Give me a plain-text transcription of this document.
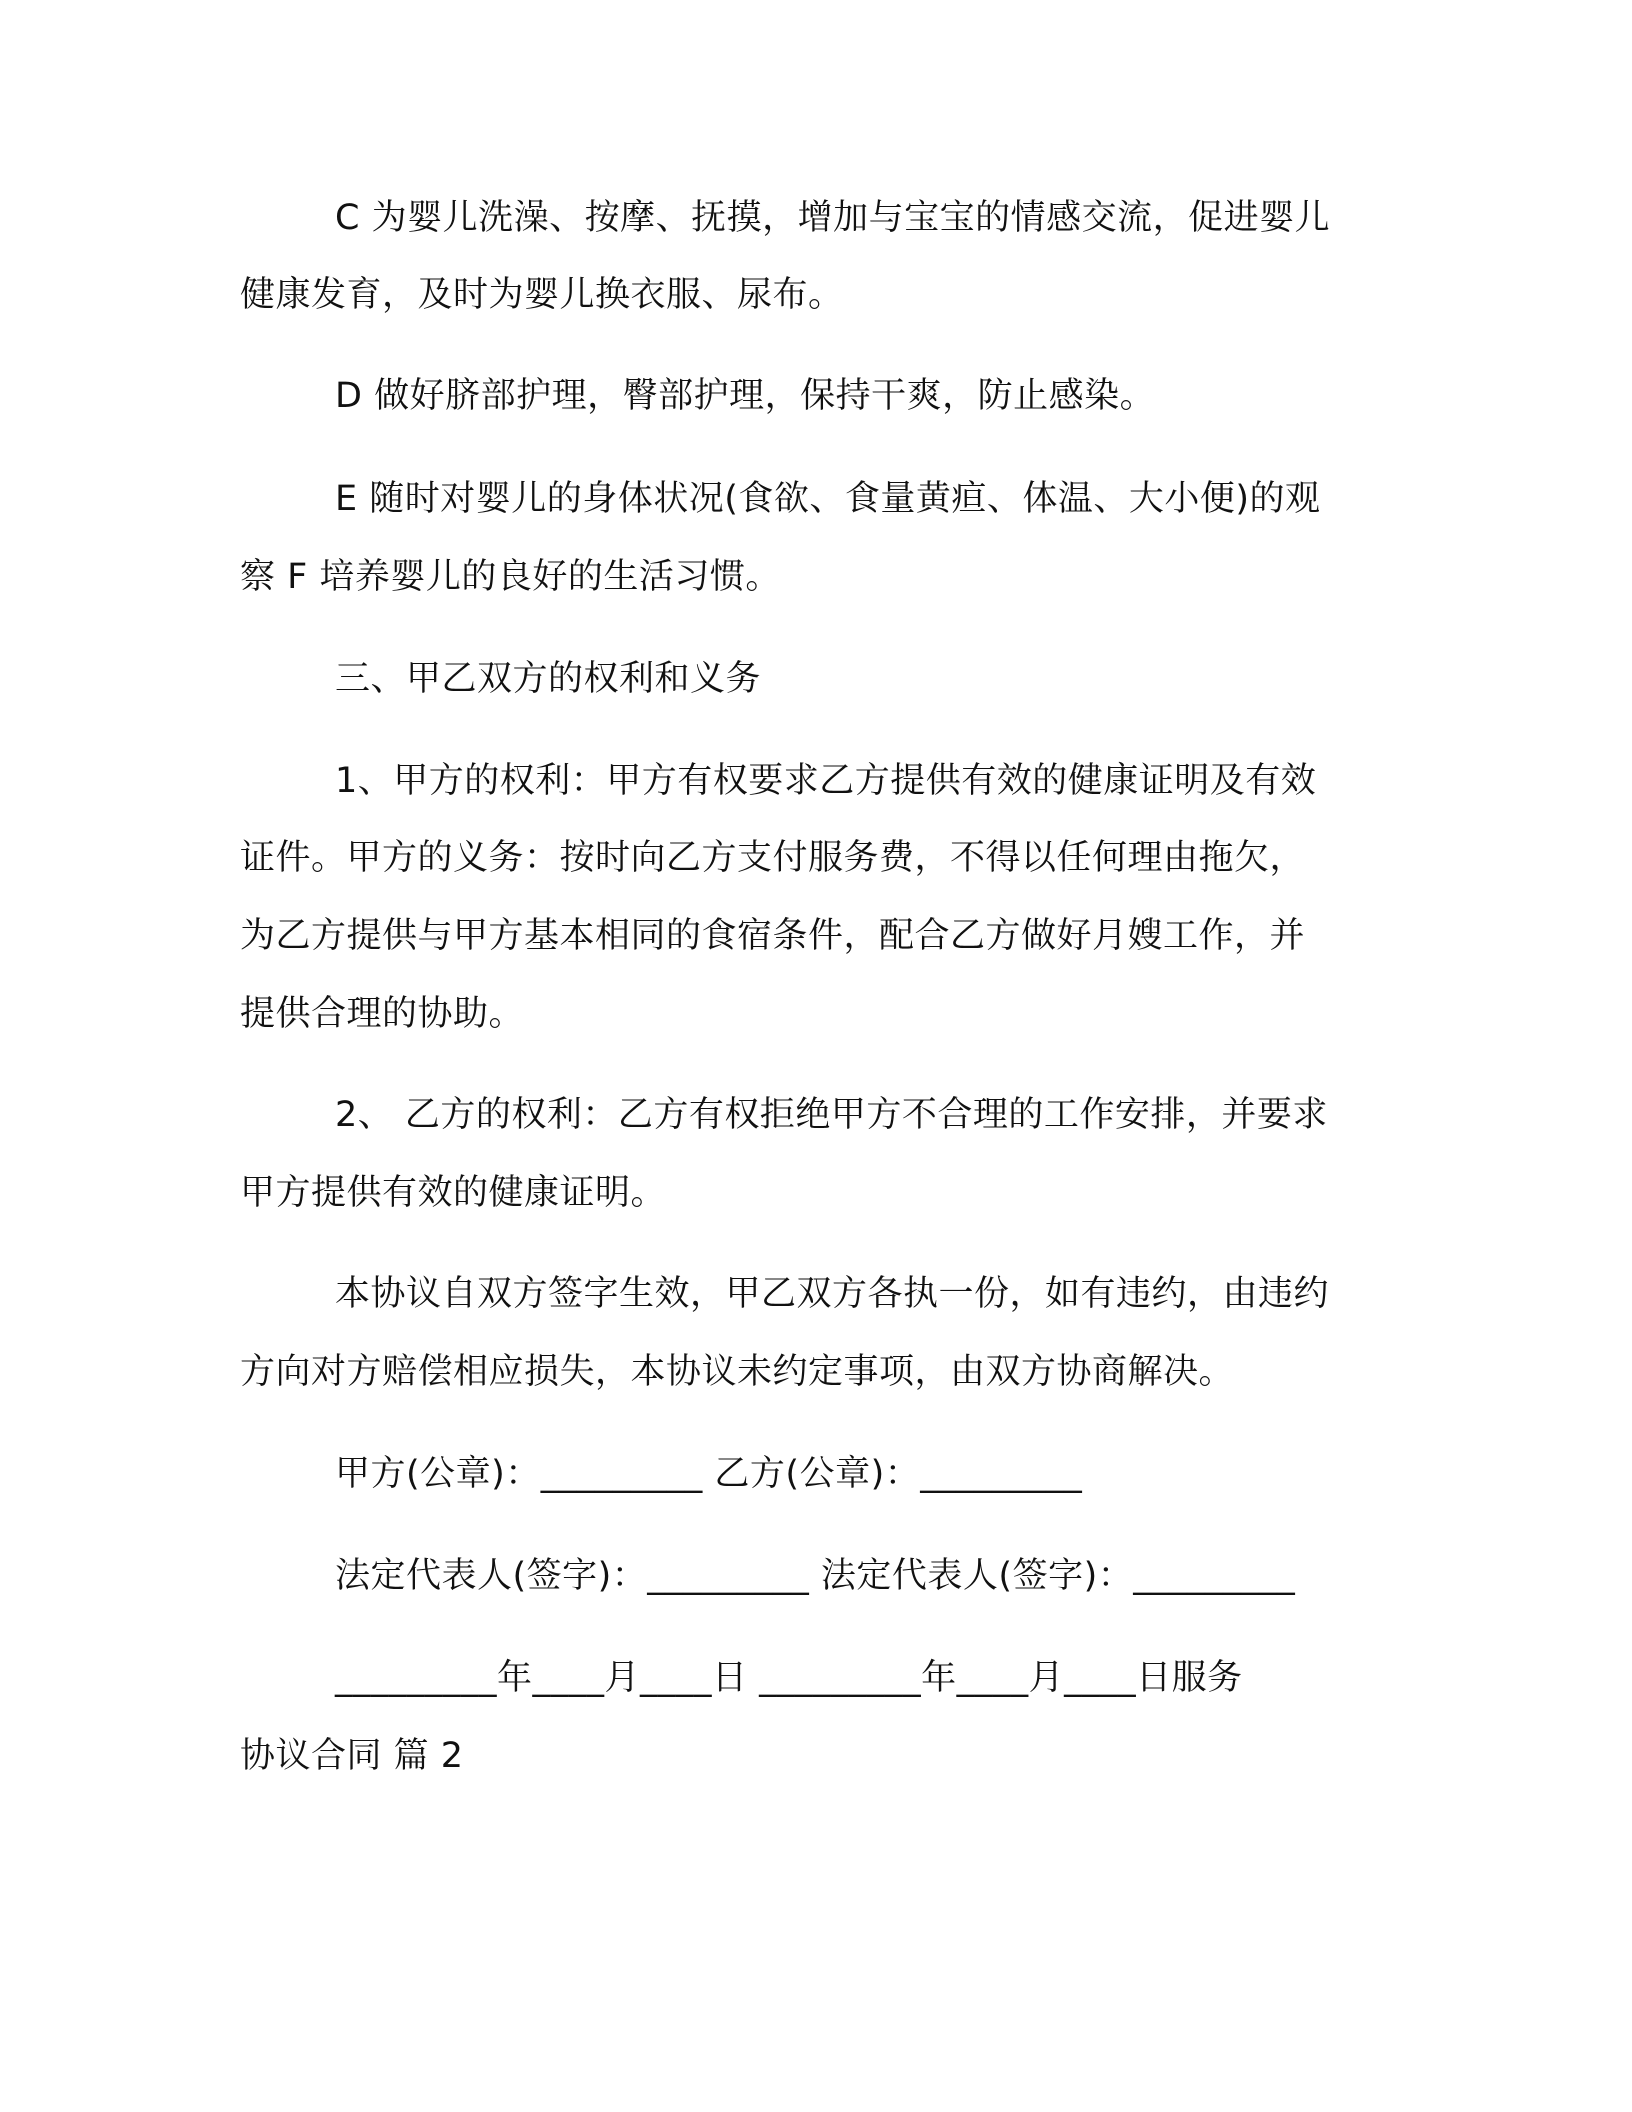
C 为婴儿洗澡、按摩、抚摸，增加与宝宝的情感交流，促进婴儿
健康发育，及时为婴儿换衣服、尿布。
D 做好脐部护理，臀部护理，保持干爽，防止感染。
E 随时对婴儿的身体状况(食欲、食量黄疸、体温、大小便)的观
察 F 培养婴儿的良好的生活习惯。
三、甲乙双方的权利和义务
1、甲方的权利：甲方有权要求乙方提供有效的健康证明及有效
证件。甲方的义务：按时向乙方支付服务费，不得以任何理由拖欠，
为乙方提供与甲方基本相同的食宿条件，配合乙方做好月嫂工作，并
提供合理的协助。
2、 乙方的权利：乙方有权拒绝甲方不合理的工作安排，并要求
甲方提供有效的健康证明。
本协议自双方签字生效，甲乙双方各执一份，如有违约，由违约
方向对方赔偿相应损失，本协议未约定事项，由双方协商解决。
甲方(公章)：_________ 乙方(公章)：_________
法定代表人(签字)：_________ 法定代表人(签字)：_________
_________年____月____日 _________年____月____日服务
协议合同 篇 2
